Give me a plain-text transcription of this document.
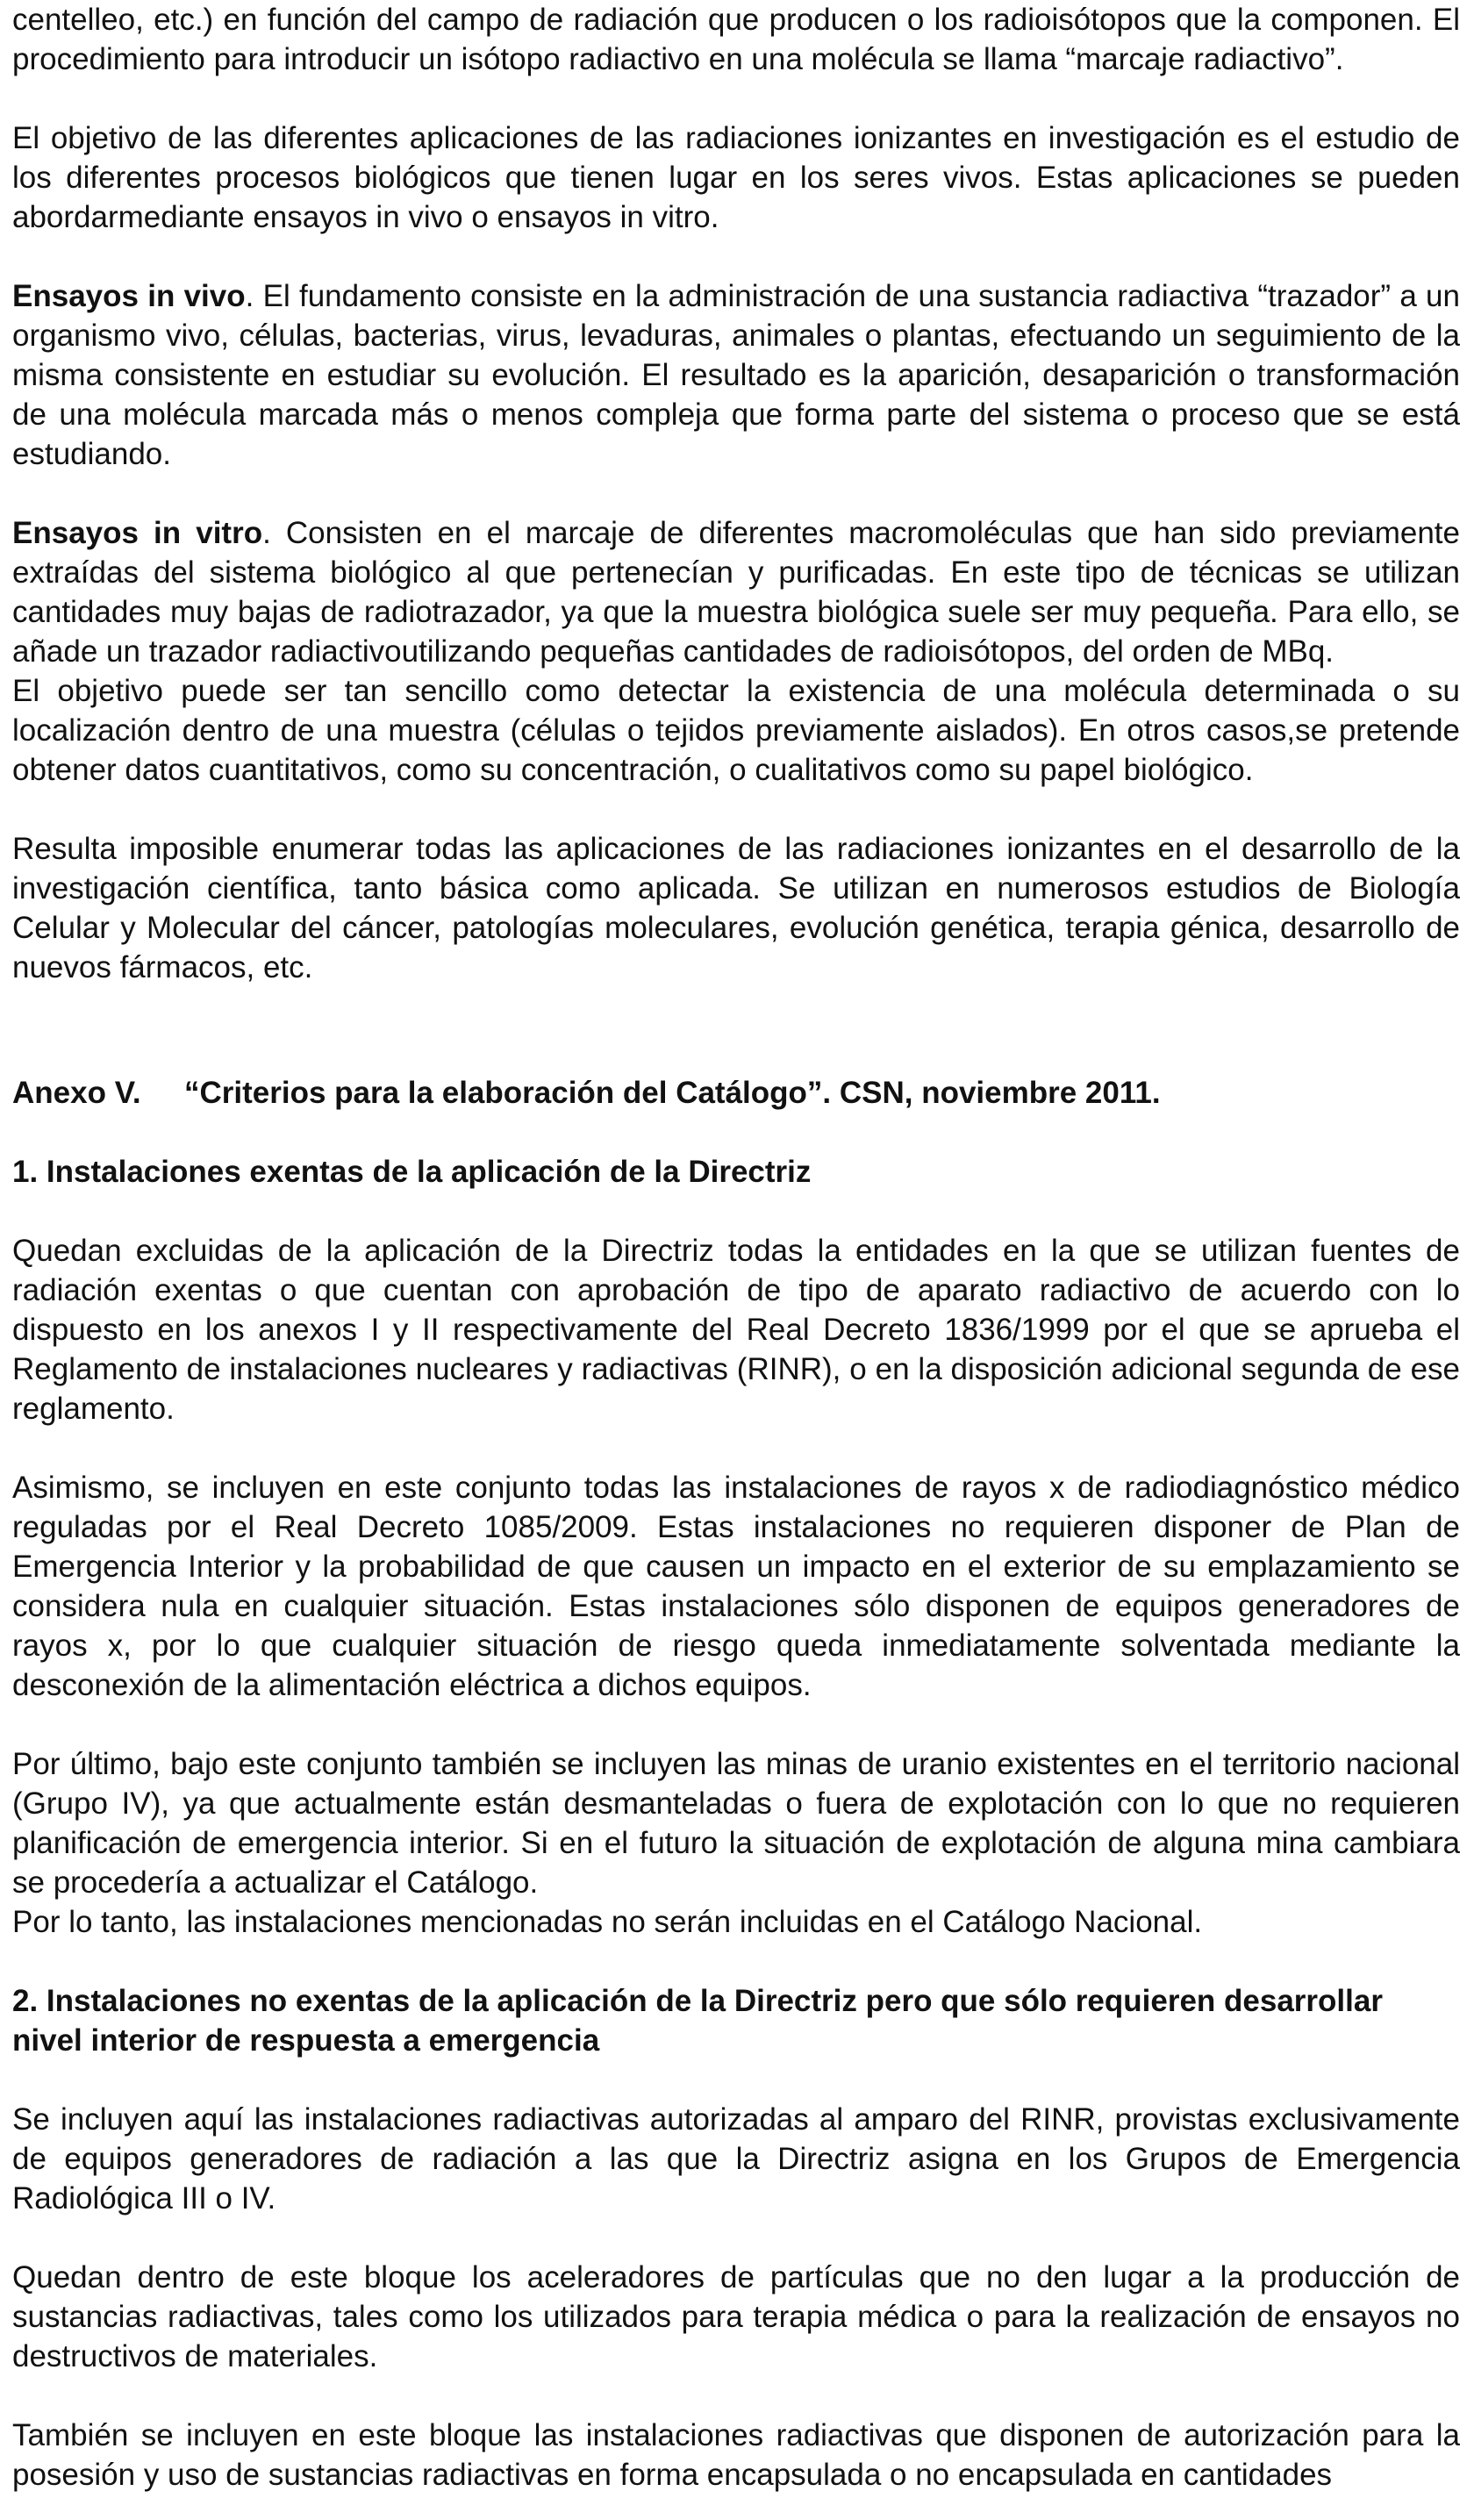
centelleo, etc.) en función del campo de radiación que producen o los radioisótopos que la componen. El procedimiento para introducir un isótopo radiactivo en una molécula se llama “marcaje radiactivo”.

El objetivo de las diferentes aplicaciones de las radiaciones ionizantes en investigación es el estudio de los diferentes procesos biológicos que tienen lugar en los seres vivos. Estas aplicaciones se pueden abordarmediante ensayos in vivo o ensayos in vitro.

Ensayos in vivo. El fundamento consiste en la administración de una sustancia radiactiva “trazador” a un organismo vivo, células, bacterias, virus, levaduras, animales o plantas, efectuando un seguimiento de la misma consistente en estudiar su evolución. El resultado es la aparición, desaparición o transformación de una molécula marcada más o menos compleja que forma parte del sistema o proceso que se está estudiando.

Ensayos in vitro. Consisten en el marcaje de diferentes macromoléculas que han sido previamente extraídas del sistema biológico al que pertenecían y purificadas. En este tipo de técnicas se utilizan cantidades muy bajas de radiotrazador, ya que la muestra biológica suele ser muy pequeña. Para ello, se añade un trazador radiactivoutilizando pequeñas cantidades de radioisótopos, del orden de MBq.

El objetivo puede ser tan sencillo como detectar la existencia de una molécula determinada o su localización dentro de una muestra (células o tejidos previamente aislados). En otros casos,se pretende obtener datos cuantitativos, como su concentración, o cualitativos como su papel biológico.

Resulta imposible enumerar todas las aplicaciones de las radiaciones ionizantes en el desarrollo de la investigación científica, tanto básica como aplicada. Se utilizan en numerosos estudios de Biología Celular y Molecular del cáncer, patologías moleculares, evolución genética, terapia génica, desarrollo de nuevos fármacos, etc.

Anexo V. “Criterios para la elaboración del Catálogo”. CSN, noviembre 2011.
1. Instalaciones exentas de la aplicación de la Directriz

Quedan excluidas de la aplicación de la Directriz todas la entidades en la que se utilizan fuentes de radiación exentas o que cuentan con aprobación de tipo de aparato radiactivo de acuerdo con lo dispuesto en los anexos I y II respectivamente del Real Decreto 1836/1999 por el que se aprueba el Reglamento de instalaciones nucleares y radiactivas (RINR), o en la disposición adicional segunda de ese reglamento.

Asimismo, se incluyen en este conjunto todas las instalaciones de rayos x de radiodiagnóstico médico reguladas por el Real Decreto 1085/2009. Estas instalaciones no requieren disponer de Plan de Emergencia Interior y la probabilidad de que causen un impacto en el exterior de su emplazamiento se considera nula en cualquier situación. Estas instalaciones sólo disponen de equipos generadores de rayos x, por lo que cualquier situación de riesgo queda inmediatamente solventada mediante la desconexión de la alimentación eléctrica a dichos equipos.

Por último, bajo este conjunto también se incluyen las minas de uranio existentes en el territorio nacional (Grupo IV), ya que actualmente están desmanteladas o fuera de explotación con lo que no requieren planificación de emergencia interior. Si en el futuro la situación de explotación de alguna mina cambiara se procedería a actualizar el Catálogo.

Por lo tanto, las instalaciones mencionadas no serán incluidas en el Catálogo Nacional.

2. Instalaciones no exentas de la aplicación de la Directriz pero que sólo requieren desarrollar nivel interior de respuesta a emergencia

Se incluyen aquí las instalaciones radiactivas autorizadas al amparo del RINR, provistas exclusivamente de equipos generadores de radiación a las que la Directriz asigna en los Grupos de Emergencia Radiológica III o IV.

Quedan dentro de este bloque los aceleradores de partículas que no den lugar a la producción de sustancias radiactivas, tales como los utilizados para terapia médica o para la realización de ensayos no destructivos de materiales.

También se incluyen en este bloque las instalaciones radiactivas que disponen de autorización para la posesión y uso de sustancias radiactivas en forma encapsulada o no encapsulada en cantidades
